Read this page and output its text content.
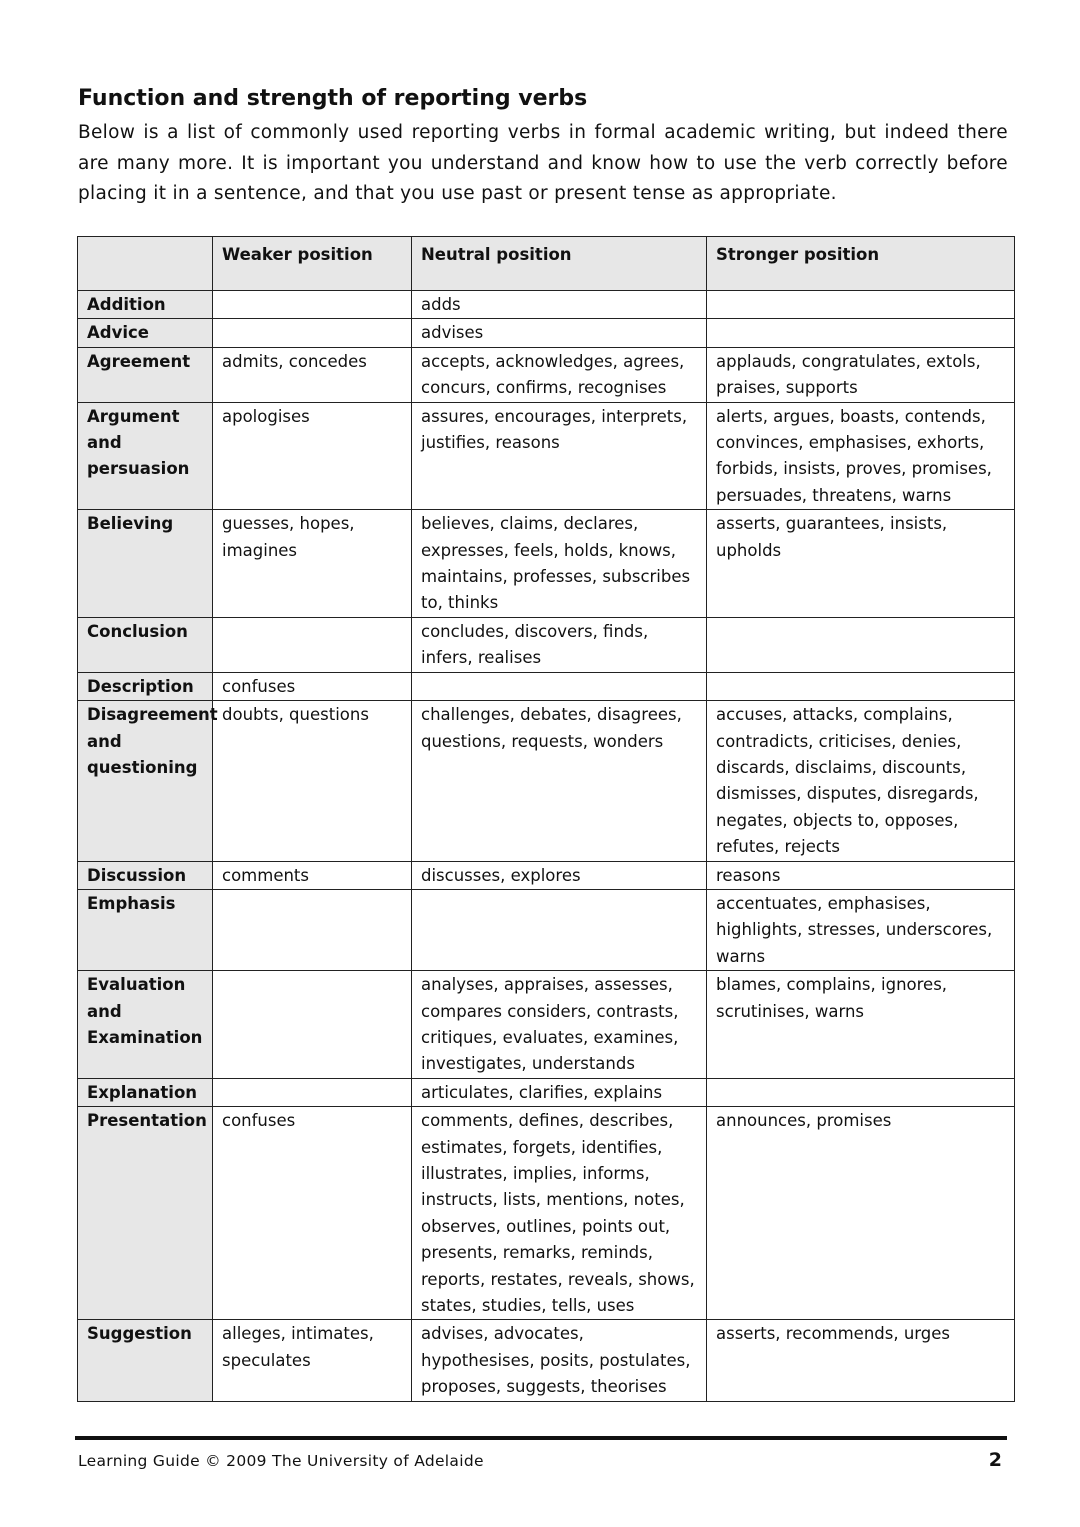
Function and strength of reporting verbs
Below is a list of commonly used reporting verbs in formal academic writing, but indeed there are many more. It is important you understand and know how to use the verb correctly before placing it in a sentence, and that you use past or present tense as appropriate.
	Weaker position	Neutral position	Stronger position
Addition		adds	
Advice		advises	
Agreement	admits, concedes	accepts, acknowledges, agrees, concurs, confirms, recognises	applauds, congratulates, extols, praises, supports
Argument and persuasion	apologises	assures, encourages, interprets, justifies, reasons	alerts, argues, boasts, contends, convinces, emphasises, exhorts, forbids, insists, proves, promises, persuades, threatens, warns
Believing	guesses, hopes, imagines	believes, claims, declares, expresses, feels, holds, knows, maintains, professes, subscribes to, thinks	asserts, guarantees, insists, upholds
Conclusion		concludes, discovers, finds, infers, realises	
Description	confuses		
Disagreement and questioning	doubts, questions	challenges, debates, disagrees, questions, requests, wonders	accuses, attacks, complains, contradicts, criticises, denies, discards, disclaims, discounts, dismisses, disputes, disregards, negates, objects to, opposes, refutes, rejects
Discussion	comments	discusses, explores	reasons
Emphasis			accentuates, emphasises, highlights, stresses, underscores, warns
Evaluation and Examination		analyses, appraises, assesses, compares considers, contrasts, critiques, evaluates, examines, investigates, understands	blames, complains, ignores, scrutinises, warns
Explanation		articulates, clarifies, explains	
Presentation	confuses	comments, defines, describes, estimates, forgets, identifies, illustrates, implies, informs, instructs, lists, mentions, notes, observes, outlines, points out, presents, remarks, reminds, reports, restates, reveals, shows, states, studies, tells, uses	announces, promises
Suggestion	alleges, intimates, speculates	advises, advocates, hypothesises, posits, postulates, proposes, suggests, theorises	asserts, recommends, urges
Learning Guide © 2009 The University of Adelaide	2
